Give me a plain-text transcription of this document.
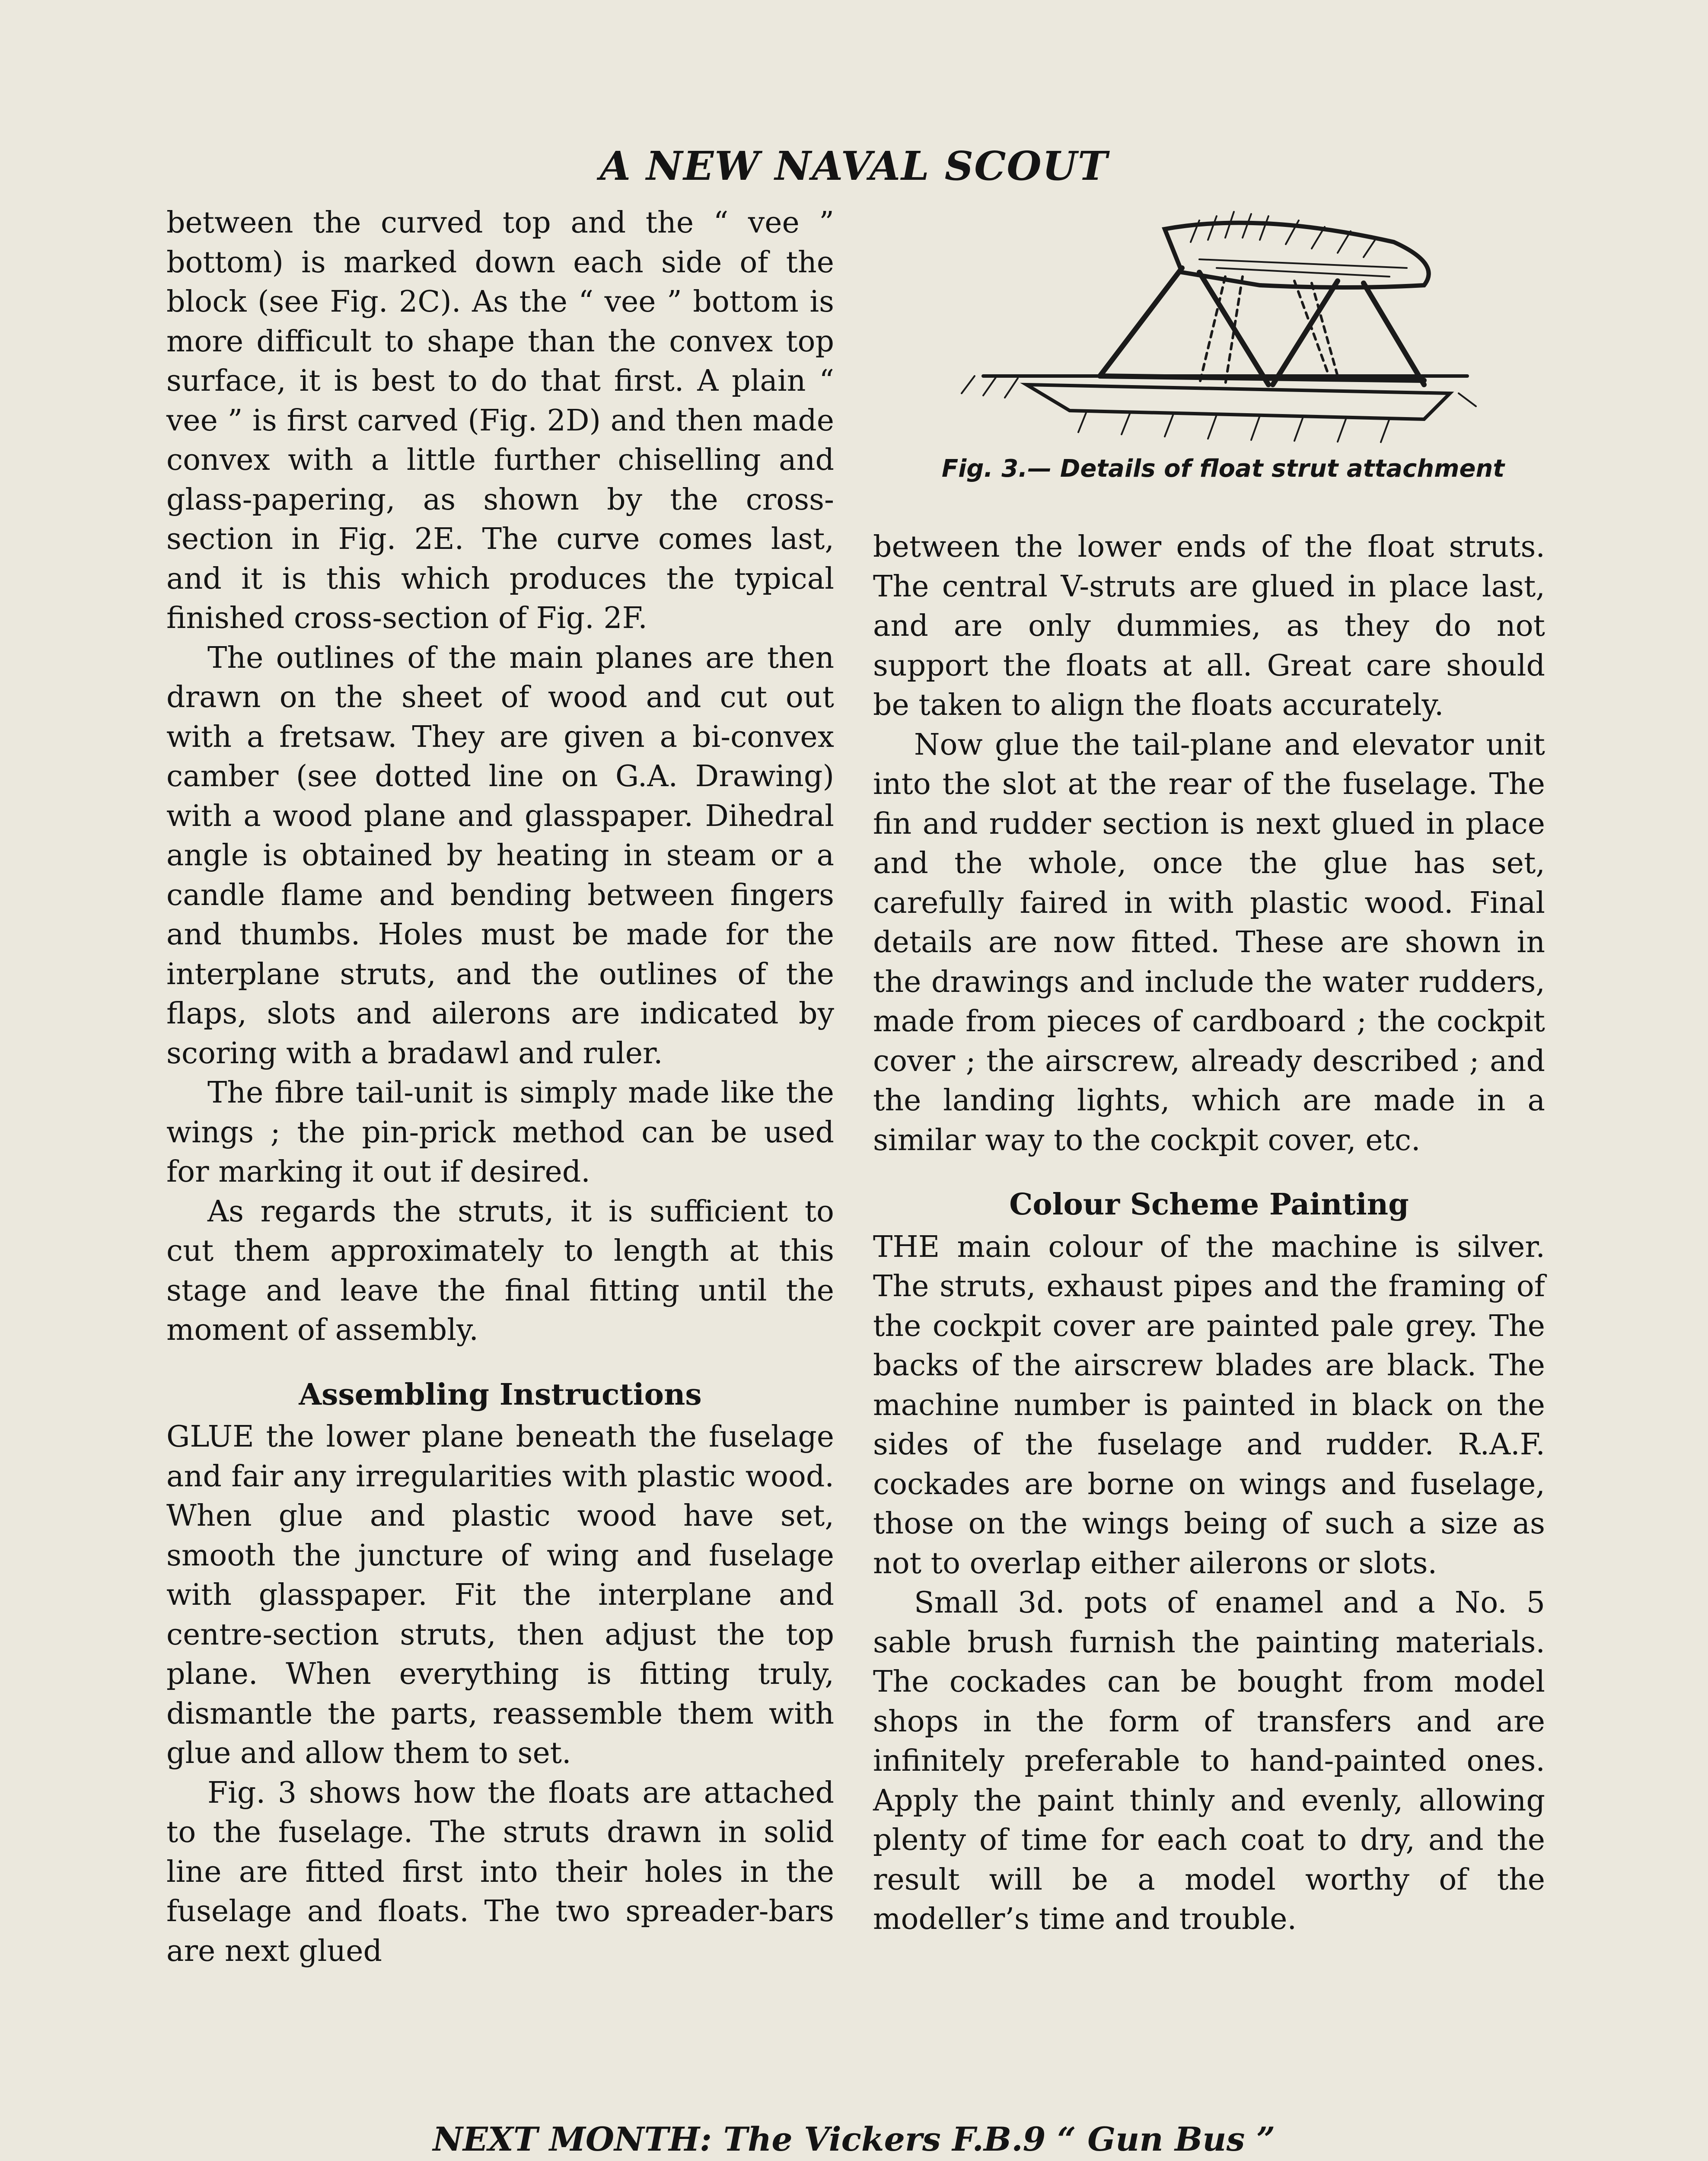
A NEW NAVAL SCOUT

between the curved top and the “ vee ” bottom) is marked down each side of the block (see Fig. 2C). As the “ vee ” bottom is more difficult to shape than the convex top surface, it is best to do that first. A plain “ vee ” is first carved (Fig. 2D) and then made convex with a little further chiselling and glass-papering, as shown by the cross-section in Fig. 2E. The curve comes last, and it is this which produces the typical finished cross-section of Fig. 2F.

The outlines of the main planes are then drawn on the sheet of wood and cut out with a fretsaw. They are given a bi-convex camber (see dotted line on G.A. Drawing) with a wood plane and glasspaper. Dihedral angle is obtained by heating in steam or a candle flame and bending between fingers and thumbs. Holes must be made for the interplane struts, and the outlines of the flaps, slots and ailerons are indicated by scoring with a bradawl and ruler.

The fibre tail-unit is simply made like the wings ; the pin-prick method can be used for marking it out if desired.

As regards the struts, it is sufficient to cut them approximately to length at this stage and leave the final fitting until the moment of assembly.

Assembling Instructions

GLUE the lower plane beneath the fuselage and fair any irregularities with plastic wood. When glue and plastic wood have set, smooth the juncture of wing and fuselage with glasspaper. Fit the interplane and centre-section struts, then adjust the top plane. When everything is fitting truly, dismantle the parts, reassemble them with glue and allow them to set.

Fig. 3 shows how the floats are attached to the fuselage. The struts drawn in solid line are fitted first into their holes in the fuselage and floats. The two spreader-bars are next glued

Fig. 3.— Details of float strut attachment

between the lower ends of the float struts. The central V-struts are glued in place last, and are only dummies, as they do not support the floats at all. Great care should be taken to align the floats accurately.

Now glue the tail-plane and elevator unit into the slot at the rear of the fuselage. The fin and rudder section is next glued in place and the whole, once the glue has set, carefully faired in with plastic wood. Final details are now fitted. These are shown in the drawings and include the water rudders, made from pieces of cardboard ; the cockpit cover ; the airscrew, already described ; and the landing lights, which are made in a similar way to the cockpit cover, etc.

Colour Scheme Painting

THE main colour of the machine is silver. The struts, exhaust pipes and the framing of the cockpit cover are painted pale grey. The backs of the airscrew blades are black. The machine number is painted in black on the sides of the fuselage and rudder. R.A.F. cockades are borne on wings and fuselage, those on the wings being of such a size as not to overlap either ailerons or slots.

Small 3d. pots of enamel and a No. 5 sable brush furnish the painting materials. The cockades can be bought from model shops in the form of transfers and are infinitely preferable to hand-painted ones. Apply the paint thinly and evenly, allowing plenty of time for each coat to dry, and the result will be a model worthy of the modeller’s time and trouble.

NEXT MONTH: The Vickers F.B.9 “ Gun Bus ”
